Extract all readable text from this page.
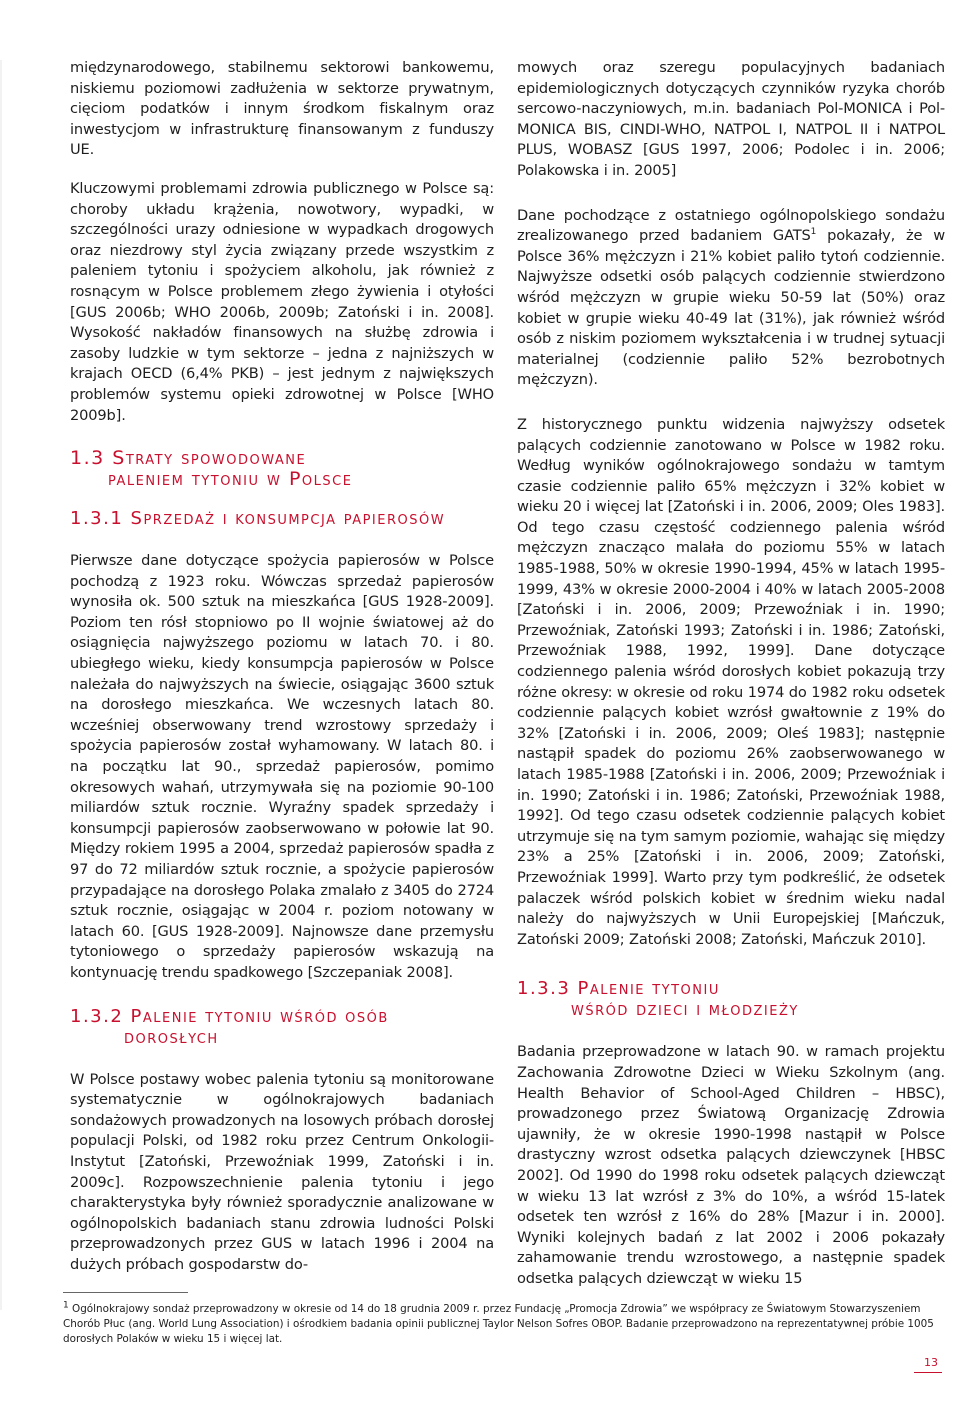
międzynarodowego, stabilnemu sektorowi bankowemu, niskiemu poziomowi zadłużenia w sektorze prywatnym, cięciom podatków i innym środkom fiskalnym oraz inwestycjom w infrastrukturę finansowanym z funduszy UE.

Kluczowymi problemami zdrowia publicznego w Polsce są: choroby układu krążenia, nowotwory, wypadki, w szczególności urazy odniesione w wypadkach drogowych oraz niezdrowy styl życia związany przede wszystkim z paleniem tytoniu i spożyciem alkoholu, jak również z rosnącym w Polsce problemem złego żywienia i otyłości [GUS 2006b; WHO 2006b, 2009b; Zatoński i in. 2008]. Wysokość nakładów finansowych na służbę zdrowia i zasoby ludzkie w tym sektorze – jedna z najniższych w krajach OECD (6,4% PKB) – jest jednym z największych problemów systemu opieki zdrowotnej w Polsce [WHO 2009b].

1.3 Straty spowodowane
paleniem tytoniu w Polsce
1.3.1 Sprzedaż i konsumpcja papierosów

Pierwsze dane dotyczące spożycia papierosów w Polsce pochodzą z 1923 roku. Wówczas sprzedaż papierosów wynosiła ok. 500 sztuk na mieszkańca [GUS 1928-2009]. Poziom ten rósł stopniowo po II wojnie światowej aż do osiągnięcia najwyższego poziomu w latach 70. i 80. ubiegłego wieku, kiedy konsumpcja papierosów w Polsce należała do najwyższych na świecie, osiągając 3600 sztuk na dorosłego mieszkańca. We wczesnych latach 80. wcześniej obserwowany trend wzrostowy sprzedaży i spożycia papierosów został wyhamowany. W latach 80. i na początku lat 90., sprzedaż papierosów, pomimo okresowych wahań, utrzymywała się na poziomie 90-100 miliardów sztuk rocznie. Wyraźny spadek sprzedaży i konsumpcji papierosów zaobserwowano w połowie lat 90. Między rokiem 1995 a 2004, sprzedaż papierosów spadła z 97 do 72 miliardów sztuk rocznie, a spożycie papierosów przypadające na dorosłego Polaka zmalało z 3405 do 2724 sztuk rocznie, osiągając w 2004 r. poziom notowany w latach 60. [GUS 1928-2009]. Najnowsze dane przemysłu tytoniowego o sprzedaży papierosów wskazują na kontynuację trendu spadkowego [Szczepaniak 2008].

1.3.2 Palenie tytoniu wśród osób
dorosłych

W Polsce postawy wobec palenia tytoniu są monitorowane systematycznie w ogólnokrajowych badaniach sondażowych prowadzonych na losowych próbach dorosłej populacji Polski, od 1982 roku przez Centrum Onkologii-Instytut [Zatoński, Przewoźniak 1999, Zatoński i in. 2009c]. Rozpowszechnienie palenia tytoniu i jego charakterystyka były również sporadycznie analizowane w ogólnopolskich badaniach stanu zdrowia ludności Polski przeprowadzonych przez GUS w latach 1996 i 2004 na dużych próbach gospodarstw do-

mowych oraz szeregu populacyjnych badaniach epidemiologicznych dotyczących czynników ryzyka chorób sercowo-naczyniowych, m.in. badaniach Pol-MONICA i Pol-MONICA BIS, CINDI-WHO, NATPOL I, NATPOL II i NATPOL PLUS, WOBASZ [GUS 1997, 2006; Podolec i in. 2006; Polakowska i in. 2005]

Dane pochodzące z ostatniego ogólnopolskiego sondażu zrealizowanego przed badaniem GATS$^1$ pokazały, że w Polsce 36% mężczyzn i 21% kobiet paliło tytoń codziennie. Najwyższe odsetki osób palących codziennie stwierdzono wśród mężczyzn w grupie wieku 50-59 lat (50%) oraz kobiet w grupie wieku 40-49 lat (31%), jak również wśród osób z niskim poziomem wykształcenia i w trudnej sytuacji materialnej (codziennie paliło 52% bezrobotnych mężczyzn).

Z historycznego punktu widzenia najwyższy odsetek palących codziennie zanotowano w Polsce w 1982 roku. Według wyników ogólnokrajowego sondażu w tamtym czasie codziennie paliło 65% mężczyzn i 32% kobiet w wieku 20 i więcej lat [Zatoński i in. 2006, 2009; Oles 1983]. Od tego czasu częstość codziennego palenia wśród mężczyzn znacząco malała do poziomu 55% w latach 1985-1988, 50% w okresie 1990-1994, 45% w latach 1995-1999, 43% w okresie 2000-2004 i 40% w latach 2005-2008 [Zatoński i in. 2006, 2009; Przewoźniak i in. 1990; Przewoźniak, Zatoński 1993; Zatoński i in. 1986; Zatoński, Przewoźniak 1988, 1992, 1999]. Dane dotyczące codziennego palenia wśród dorosłych kobiet pokazują trzy różne okresy: w okresie od roku 1974 do 1982 roku odsetek codziennie palących kobiet wzrósł gwałtownie z 19% do 32% [Zatoński i in. 2006, 2009; Oleś 1983]; następnie nastąpił spadek do poziomu 26% zaobserwowanego w latach 1985-1988 [Zatoński i in. 2006, 2009; Przewoźniak i in. 1990; Zatoński i in. 1986; Zatoński, Przewoźniak 1988, 1992]. Od tego czasu odsetek codziennie palących kobiet utrzymuje się na tym samym poziomie, wahając się między 23% a 25% [Zatoński i in. 2006, 2009; Zatoński, Przewoźniak 1999]. Warto przy tym podkreślić, że odsetek palaczek wśród polskich kobiet w średnim wieku nadal należy do najwyższych w Unii Europejskiej [Mańczuk, Zatoński 2009; Zatoński 2008; Zatoński, Mańczuk 2010].

1.3.3 Palenie tytoniu
wśród dzieci i młodzieży

Badania przeprowadzone w latach 90. w ramach projektu Zachowania Zdrowotne Dzieci w Wieku Szkolnym (ang. Health Behavior of School-Aged Children – HBSC), prowadzonego przez Światową Organizację Zdrowia ujawniły, że w okresie 1990-1998 nastąpił w Polsce drastyczny wzrost odsetka palących dziewczynek [HBSC 2002]. Od 1990 do 1998 roku odsetek palących dziewcząt w wieku 13 lat wzrósł z 3% do 10%, a wśród 15-latek odsetek ten wzrósł z 16% do 28% [Mazur i in. 2000]. Wyniki kolejnych badań z lat 2002 i 2006 pokazały zahamowanie trendu wzrostowego, a następnie spadek odsetka palących dziewcząt w wieku 15

1 Ogólnokrajowy sondaż przeprowadzony w okresie od 14 do 18 grudnia 2009 r. przez Fundację „Promocja Zdrowia” we współpracy ze Światowym Stowarzyszeniem Chorób Płuc (ang. World Lung Association) i ośrodkiem badania opinii publicznej Taylor Nelson Sofres OBOP. Badanie przeprowadzono na reprezentatywnej próbie 1005 dorosłych Polaków w wieku 15 i więcej lat.
13
